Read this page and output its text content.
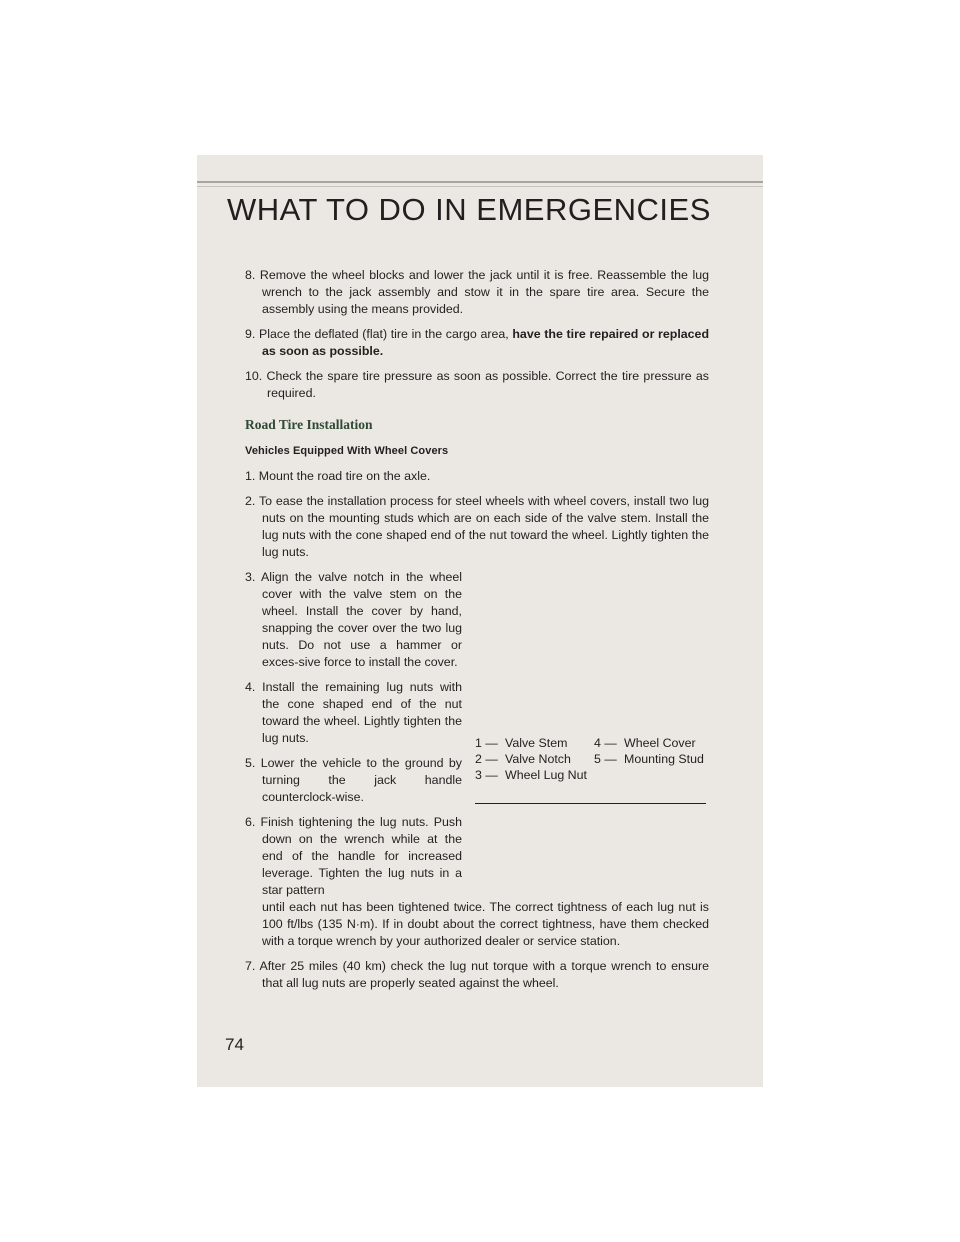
WHAT TO DO IN EMERGENCIES
8. Remove the wheel blocks and lower the jack until it is free. Reassemble the lug wrench to the jack assembly and stow it in the spare tire area. Secure the assembly using the means provided.
9. Place the deflated (flat) tire in the cargo area, have the tire repaired or replaced as soon as possible.
10. Check the spare tire pressure as soon as possible. Correct the tire pressure as required.
Road Tire Installation
Vehicles Equipped With Wheel Covers
1. Mount the road tire on the axle.
2. To ease the installation process for steel wheels with wheel covers, install two lug nuts on the mounting studs which are on each side of the valve stem. Install the lug nuts with the cone shaped end of the nut toward the wheel. Lightly tighten the lug nuts.
3. Align the valve notch in the wheel cover with the valve stem on the wheel. Install the cover by hand, snapping the cover over the two lug nuts. Do not use a hammer or exces-sive force to install the cover.
4. Install the remaining lug nuts with the cone shaped end of the nut toward the wheel. Lightly tighten the lug nuts.
5. Lower the vehicle to the ground by turning the jack handle counterclock-wise.
6. Finish tightening the lug nuts. Push down on the wrench while at the end of the handle for increased leverage. Tighten the lug nuts in a star pattern
1 — Valve Stem
2 — Valve Notch
3 — Wheel Lug Nut
4 — Wheel Cover
5 — Mounting Stud

until each nut has been tightened twice. The correct tightness of each lug nut is 100 ft/lbs (135 N·m). If in doubt about the correct tightness, have them checked with a torque wrench by your authorized dealer or service station.

7. After 25 miles (40 km) check the lug nut torque with a torque wrench to ensure that all lug nuts are properly seated against the wheel.
74
